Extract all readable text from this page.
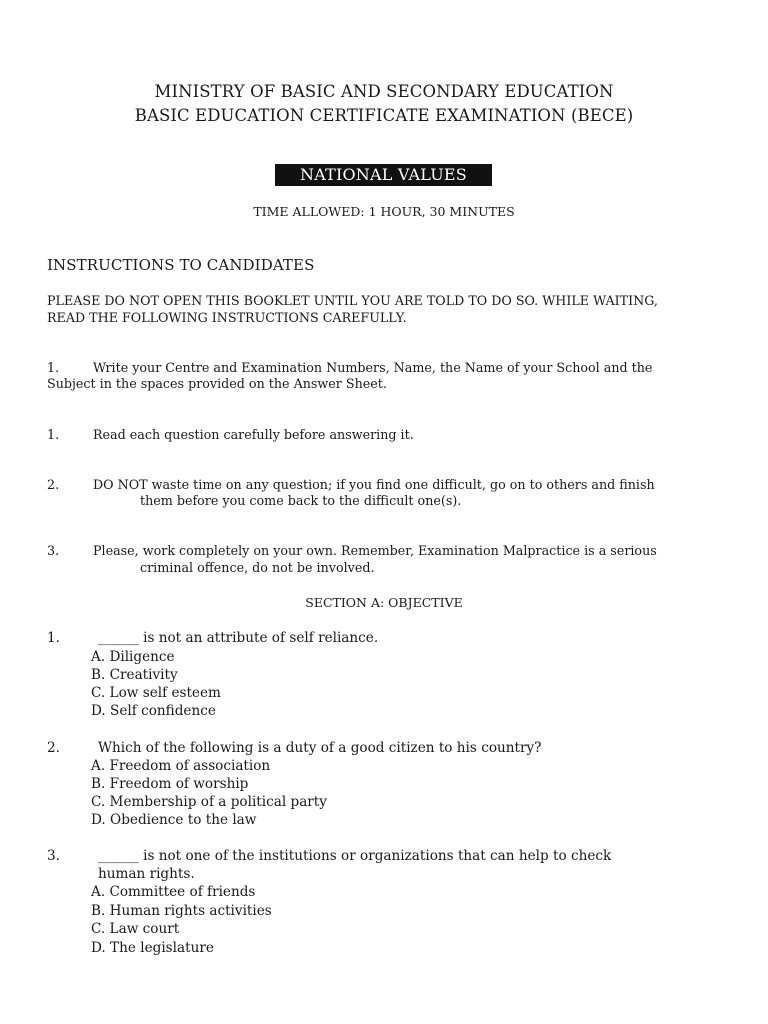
MINISTRY OF BASIC AND SECONDARY EDUCATION
BASIC EDUCATION CERTIFICATE EXAMINATION (BECE)
NATIONAL VALUES
TIME ALLOWED: 1 HOUR, 30 MINUTES
INSTRUCTIONS TO CANDIDATES
PLEASE DO NOT OPEN THIS BOOKLET UNTIL YOU ARE TOLD TO DO SO. WHILE WAITING,
READ THE FOLLOWING INSTRUCTIONS CAREFULLY.
1.	Write your Centre and Examination Numbers, Name, the Name of your School and the
Subject in the spaces provided on the Answer Sheet.
1.	Read each question carefully before answering it.
2.	DO NOT waste time on any question; if you find one difficult, go on to others and finish
them before you come back to the difficult one(s).
3.	Please, work completely on your own. Remember, Examination Malpractice is a serious
criminal offence, do not be involved.
SECTION A: OBJECTIVE
1.	______ is not an attribute of self reliance.
A. Diligence
B. Creativity
C. Low self esteem
D. Self confidence
2.	Which of the following is a duty of a good citizen to his country?
A. Freedom of association
B. Freedom of worship
C. Membership of a political party
D. Obedience to the law
3.	______ is not one of the institutions or organizations that can help to check
human rights.
A. Committee of friends
B. Human rights activities
C. Law court
D. The legislature
